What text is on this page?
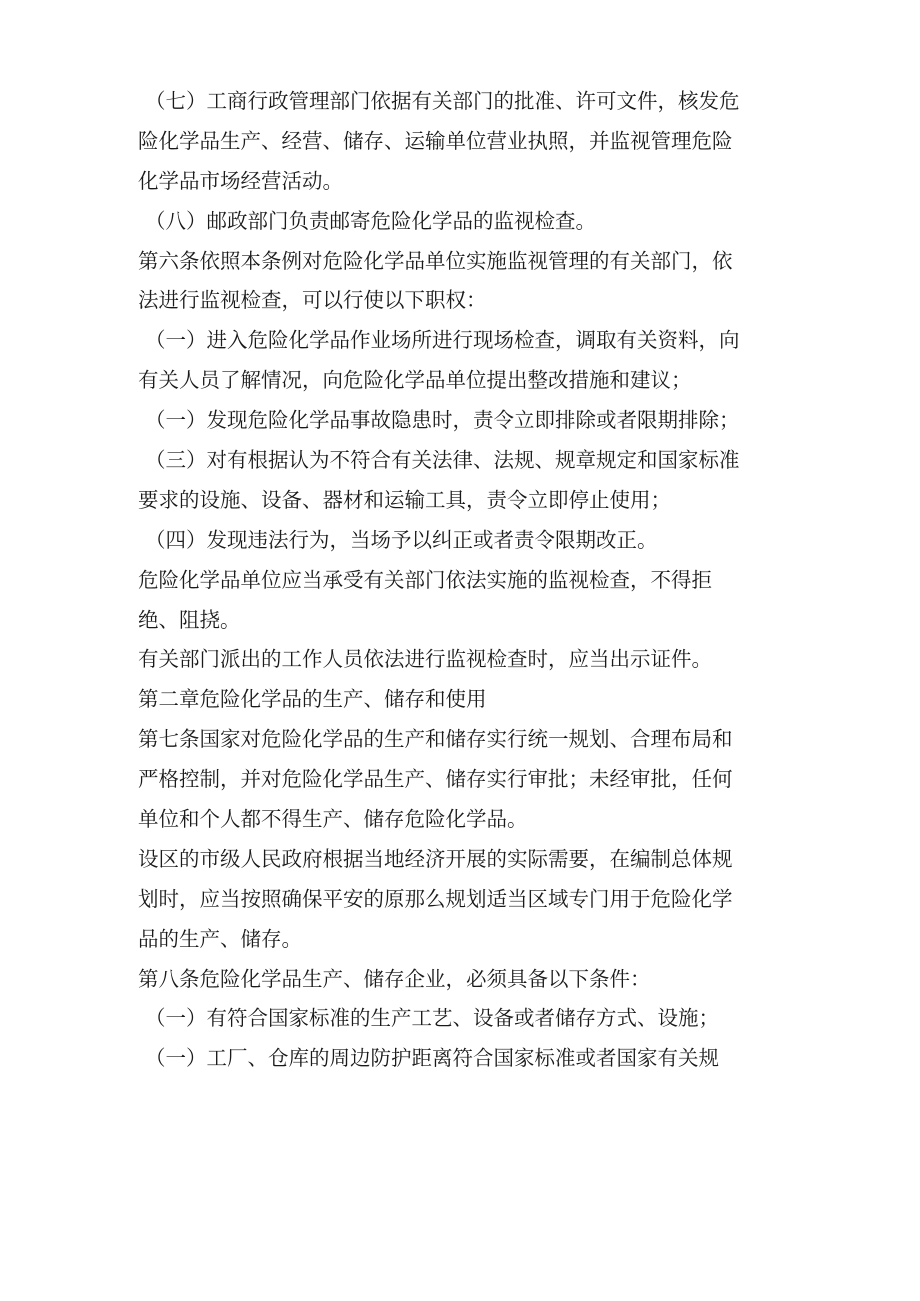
（七）工商行政管理部门依据有关部门的批准、许可文件，核发危
险化学品生产、经营、储存、运输单位营业执照，并监视管理危险
化学品市场经营活动。
（八）邮政部门负责邮寄危险化学品的监视检查。
第六条依照本条例对危险化学品单位实施监视管理的有关部门，依
法进行监视检查，可以行使以下职权：
（一）进入危险化学品作业场所进行现场检查，调取有关资料，向
有关人员了解情况，向危险化学品单位提出整改措施和建议；
（一）发现危险化学品事故隐患时，责令立即排除或者限期排除；
（三）对有根据认为不符合有关法律、法规、规章规定和国家标准
要求的设施、设备、器材和运输工具，责令立即停止使用；
（四）发现违法行为，当场予以纠正或者责令限期改正。
危险化学品单位应当承受有关部门依法实施的监视检查，不得拒
绝、阻挠。
有关部门派出的工作人员依法进行监视检查时，应当出示证件。
第二章危险化学品的生产、储存和使用
第七条国家对危险化学品的生产和储存实行统一规划、合理布局和
严格控制，并对危险化学品生产、储存实行审批；未经审批，任何
单位和个人都不得生产、储存危险化学品。
设区的市级人民政府根据当地经济开展的实际需要，在编制总体规
划时，应当按照确保平安的原那么规划适当区域专门用于危险化学
品的生产、储存。
第八条危险化学品生产、储存企业，必须具备以下条件：
（一）有符合国家标准的生产工艺、设备或者储存方式、设施；
（一）工厂、仓库的周边防护距离符合国家标准或者国家有关规
